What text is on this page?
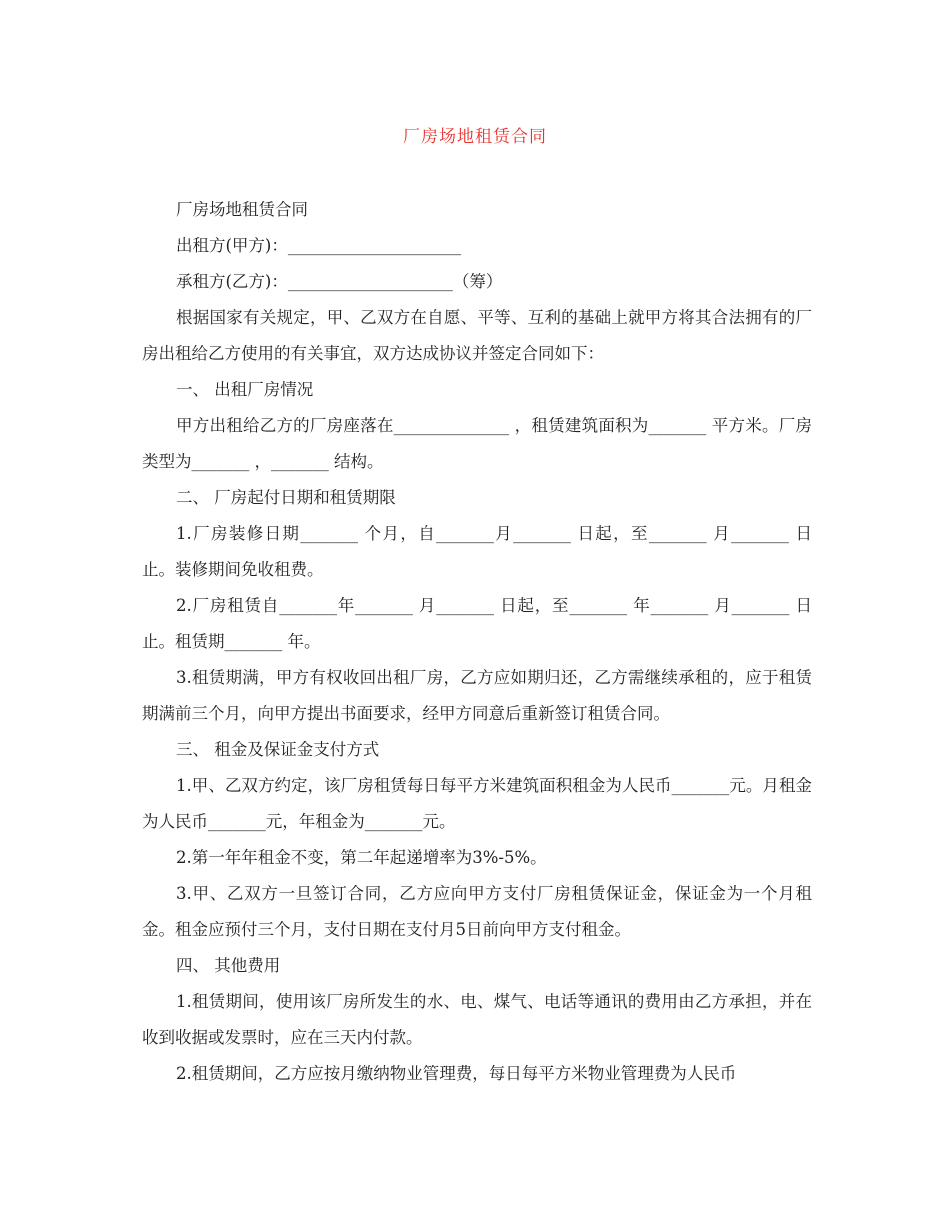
厂房场地租赁合同

厂房场地租赁合同

出租方(甲方)：_____________________

承租方(乙方)：____________________（筹）

根据国家有关规定，甲、乙双方在自愿、平等、互利的基础上就甲方将其合法拥有的厂房出租给乙方使用的有关事宜，双方达成协议并签定合同如下：

一、 出租厂房情况

甲方出租给乙方的厂房座落在______________ ，租赁建筑面积为_______ 平方米。厂房类型为_______ ，_______ 结构。

二、 厂房起付日期和租赁期限

1.厂房装修日期_______ 个月，自_______月_______ 日起，至_______ 月_______ 日止。装修期间免收租费。

2.厂房租赁自_______年_______ 月_______ 日起，至_______ 年_______ 月_______ 日止。租赁期_______ 年。

3.租赁期满，甲方有权收回出租厂房，乙方应如期归还，乙方需继续承租的，应于租赁期满前三个月，向甲方提出书面要求，经甲方同意后重新签订租赁合同。

三、 租金及保证金支付方式

1.甲、乙双方约定，该厂房租赁每日每平方米建筑面积租金为人民币_______元。月租金为人民币_______元，年租金为_______元。

2.第一年年租金不变，第二年起递增率为3%-5%。

3.甲、乙双方一旦签订合同，乙方应向甲方支付厂房租赁保证金，保证金为一个月租金。租金应预付三个月，支付日期在支付月5日前向甲方支付租金。

四、 其他费用

1.租赁期间，使用该厂房所发生的水、电、煤气、电话等通讯的费用由乙方承担，并在收到收据或发票时，应在三天内付款。

2.租赁期间，乙方应按月缴纳物业管理费，每日每平方米物业管理费为人民币
